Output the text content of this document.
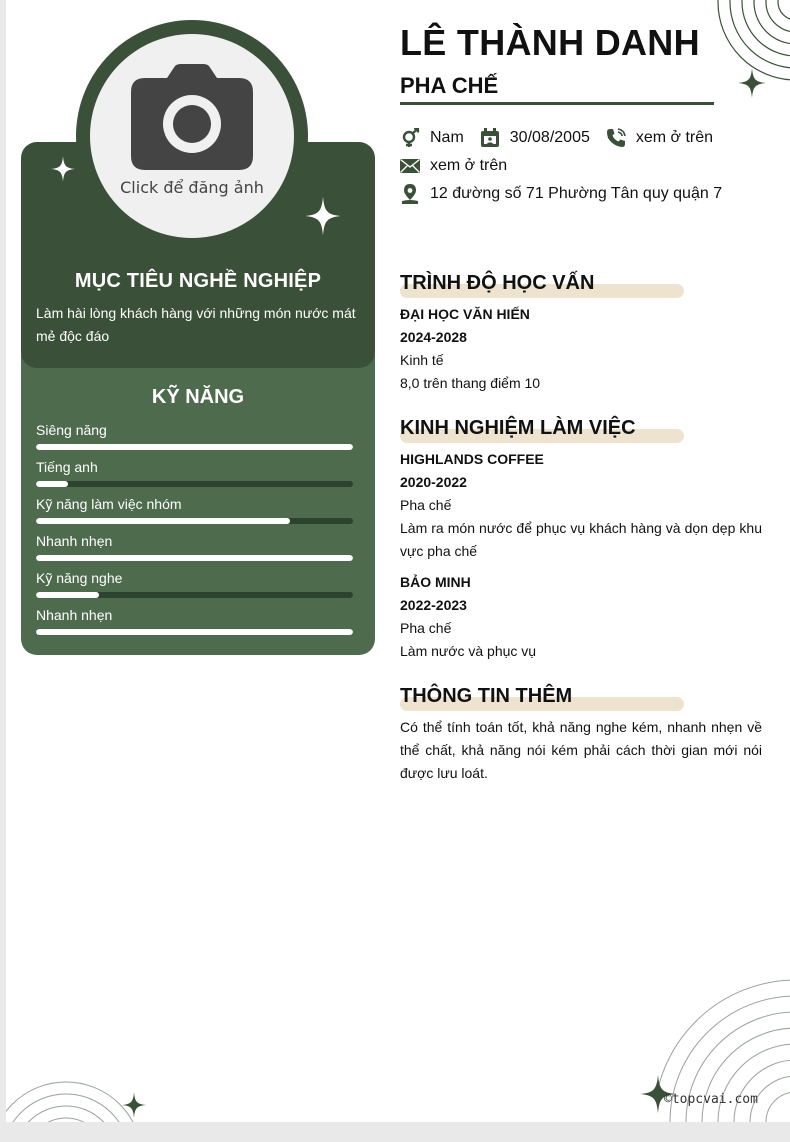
Click để đăng ảnh
MỤC TIÊU NGHỀ NGHIỆP
Làm hài lòng khách hàng với những món nước mát mẻ độc đáo
KỸ NĂNG
Siêng năng
Tiếng anh
Kỹ năng làm việc nhóm
Nhanh nhẹn
Kỹ năng nghe
Nhanh nhẹn
LÊ THÀNH DANH
PHA CHẾ
Nam	30/08/2005	xem ở trên
xem ở trên
12 đường số 71 Phường Tân quy quận 7
TRÌNH ĐỘ HỌC VẤN
ĐẠI HỌC VĂN HIẾN
2024-2028
Kinh tế
8,0 trên thang điểm 10
KINH NGHIỆM LÀM VIỆC
HIGHLANDS COFFEE
2020-2022
Pha chế
Làm ra món nước để phục vụ khách hàng và dọn dẹp khu vực pha chế
BẢO MINH
2022-2023
Pha chế
Làm nước và phục vụ
THÔNG TIN THÊM
Có thể tính toán tốt, khả năng nghe kém, nhanh nhẹn về thể chất, khả năng nói kém phải cách thời gian mới nói được lưu loát.
©topcvai.com
